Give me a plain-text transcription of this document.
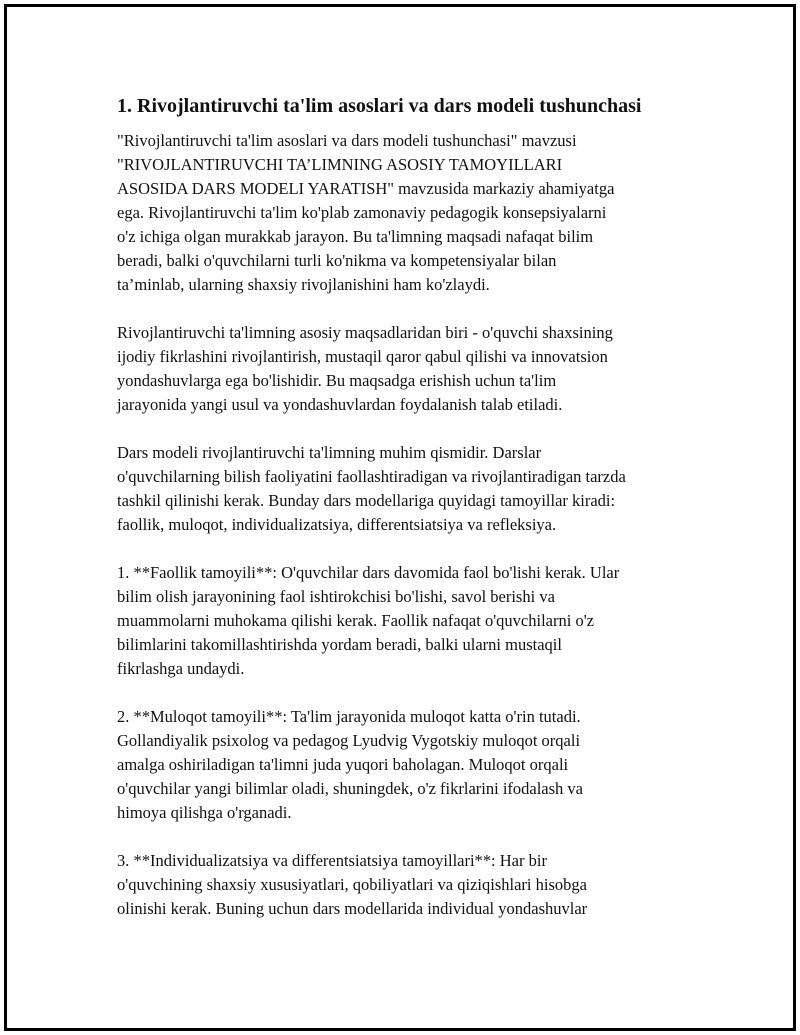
1. Rivojlantiruvchi ta'lim asoslari va dars modeli tushunchasi

"Rivojlantiruvchi ta'lim asoslari va dars modeli tushunchasi" mavzusi
"RIVOJLANTIRUVCHI TA’LIMNING ASOSIY TAMOYILLARI
ASOSIDA DARS MODELI YARATISH" mavzusida markaziy ahamiyatga
ega. Rivojlantiruvchi ta'lim ko'plab zamonaviy pedagogik konsepsiyalarni
o'z ichiga olgan murakkab jarayon. Bu ta'limning maqsadi nafaqat bilim
beradi, balki o'quvchilarni turli ko'nikma va kompetensiyalar bilan
ta’minlab, ularning shaxsiy rivojlanishini ham ko'zlaydi.

Rivojlantiruvchi ta'limning asosiy maqsadlaridan biri - o'quvchi shaxsining
ijodiy fikrlashini rivojlantirish, mustaqil qaror qabul qilishi va innovatsion
yondashuvlarga ega bo'lishidir. Bu maqsadga erishish uchun ta'lim
jarayonida yangi usul va yondashuvlardan foydalanish talab etiladi.

Dars modeli rivojlantiruvchi ta'limning muhim qismidir. Darslar
o'quvchilarning bilish faoliyatini faollashtiradigan va rivojlantiradigan tarzda
tashkil qilinishi kerak. Bunday dars modellariga quyidagi tamoyillar kiradi:
faollik, muloqot, individualizatsiya, differentsiatsiya va refleksiya.

1. **Faollik tamoyili**: O'quvchilar dars davomida faol bo'lishi kerak. Ular
bilim olish jarayonining faol ishtirokchisi bo'lishi, savol berishi va
muammolarni muhokama qilishi kerak. Faollik nafaqat o'quvchilarni o'z
bilimlarini takomillashtirishda yordam beradi, balki ularni mustaqil
fikrlashga undaydi.

2. **Muloqot tamoyili**: Ta'lim jarayonida muloqot katta o'rin tutadi.
Gollandiyalik psixolog va pedagog Lyudvig Vygotskiy muloqot orqali
amalga oshiriladigan ta'limni juda yuqori baholagan. Muloqot orqali
o'quvchilar yangi bilimlar oladi, shuningdek, o'z fikrlarini ifodalash va
himoya qilishga o'rganadi.

3. **Individualizatsiya va differentsiatsiya tamoyillari**: Har bir
o'quvchining shaxsiy xususiyatlari, qobiliyatlari va qiziqishlari hisobga
olinishi kerak. Buning uchun dars modellarida individual yondashuvlar
